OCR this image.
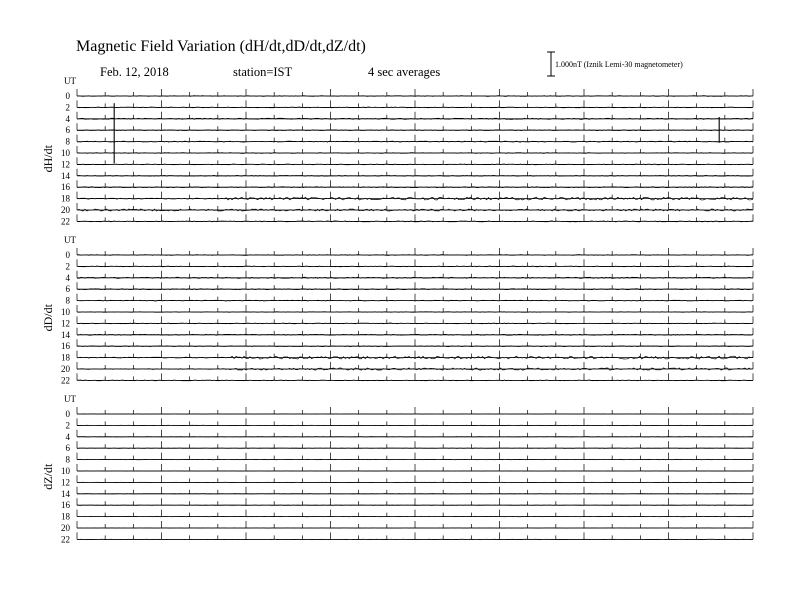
Magnetic Field Variation (dH/dt,dD/dt,dZ/dt)
Feb. 12, 2018	station=IST	4 sec averages
1.000nT (Iznik Lemi-30 magnetometer)
UT
dH/dt
0
2
4
6
8
10
12
14
16
18
20
22
UT
dD/dt
0
2
4
6
8
10
12
14
16
18
20
22
UT
dZ/dt
0
2
4
6
8
10
12
14
16
18
20
22
